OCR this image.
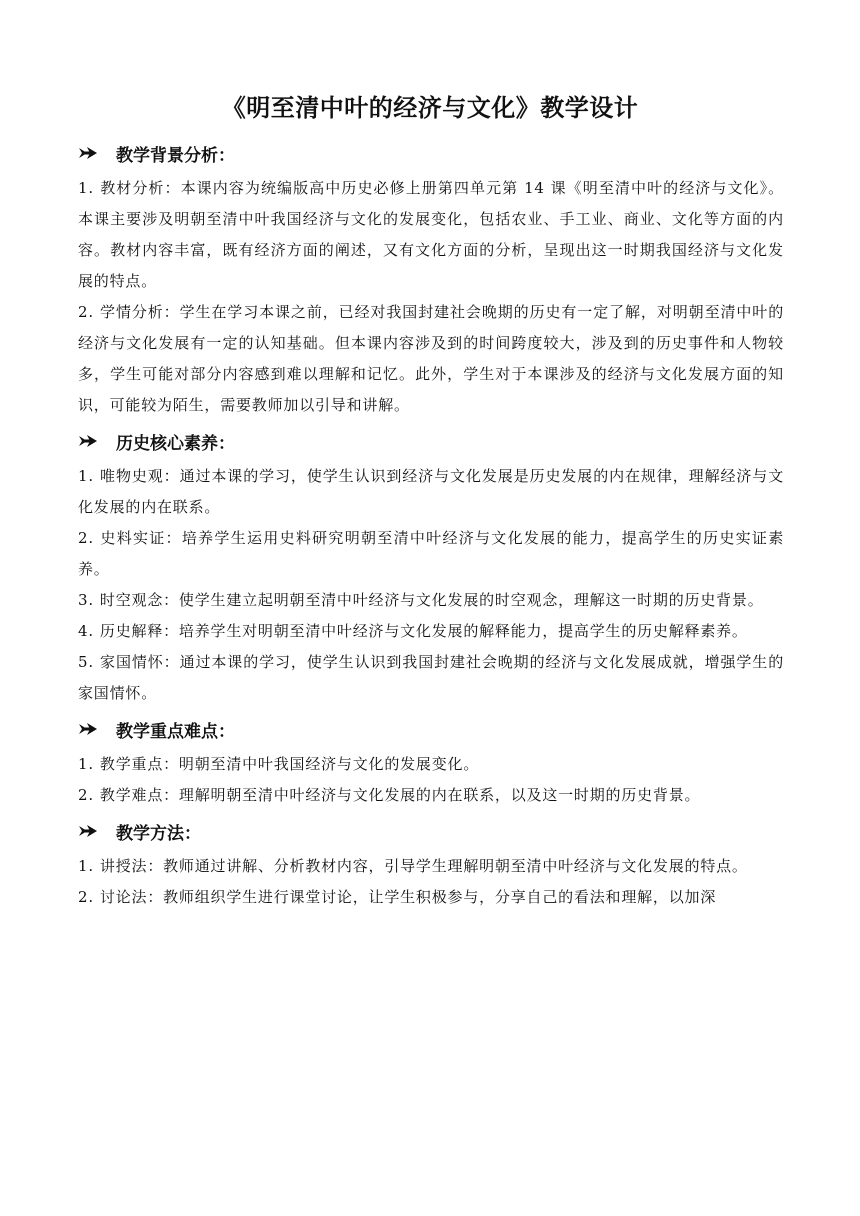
《明至清中叶的经济与文化》教学设计
教学背景分析：

1. 教材分析：本课内容为统编版高中历史必修上册第四单元第 14 课《明至清中叶的经济与文化》。本课主要涉及明朝至清中叶我国经济与文化的发展变化，包括农业、手工业、商业、文化等方面的内容。教材内容丰富，既有经济方面的阐述，又有文化方面的分析，呈现出这一时期我国经济与文化发展的特点。

2. 学情分析：学生在学习本课之前，已经对我国封建社会晚期的历史有一定了解，对明朝至清中叶的经济与文化发展有一定的认知基础。但本课内容涉及到的时间跨度较大，涉及到的历史事件和人物较多，学生可能对部分内容感到难以理解和记忆。此外，学生对于本课涉及的经济与文化发展方面的知识，可能较为陌生，需要教师加以引导和讲解。

历史核心素养：

1. 唯物史观：通过本课的学习，使学生认识到经济与文化发展是历史发展的内在规律，理解经济与文化发展的内在联系。

2. 史料实证：培养学生运用史料研究明朝至清中叶经济与文化发展的能力，提高学生的历史实证素养。

3. 时空观念：使学生建立起明朝至清中叶经济与文化发展的时空观念，理解这一时期的历史背景。

4. 历史解释：培养学生对明朝至清中叶经济与文化发展的解释能力，提高学生的历史解释素养。

5. 家国情怀：通过本课的学习，使学生认识到我国封建社会晚期的经济与文化发展成就，增强学生的家国情怀。

教学重点难点：

1. 教学重点：明朝至清中叶我国经济与文化的发展变化。

2. 教学难点：理解明朝至清中叶经济与文化发展的内在联系，以及这一时期的历史背景。

教学方法：

1. 讲授法：教师通过讲解、分析教材内容，引导学生理解明朝至清中叶经济与文化发展的特点。

2. 讨论法：教师组织学生进行课堂讨论，让学生积极参与，分享自己的看法和理解，以加深
